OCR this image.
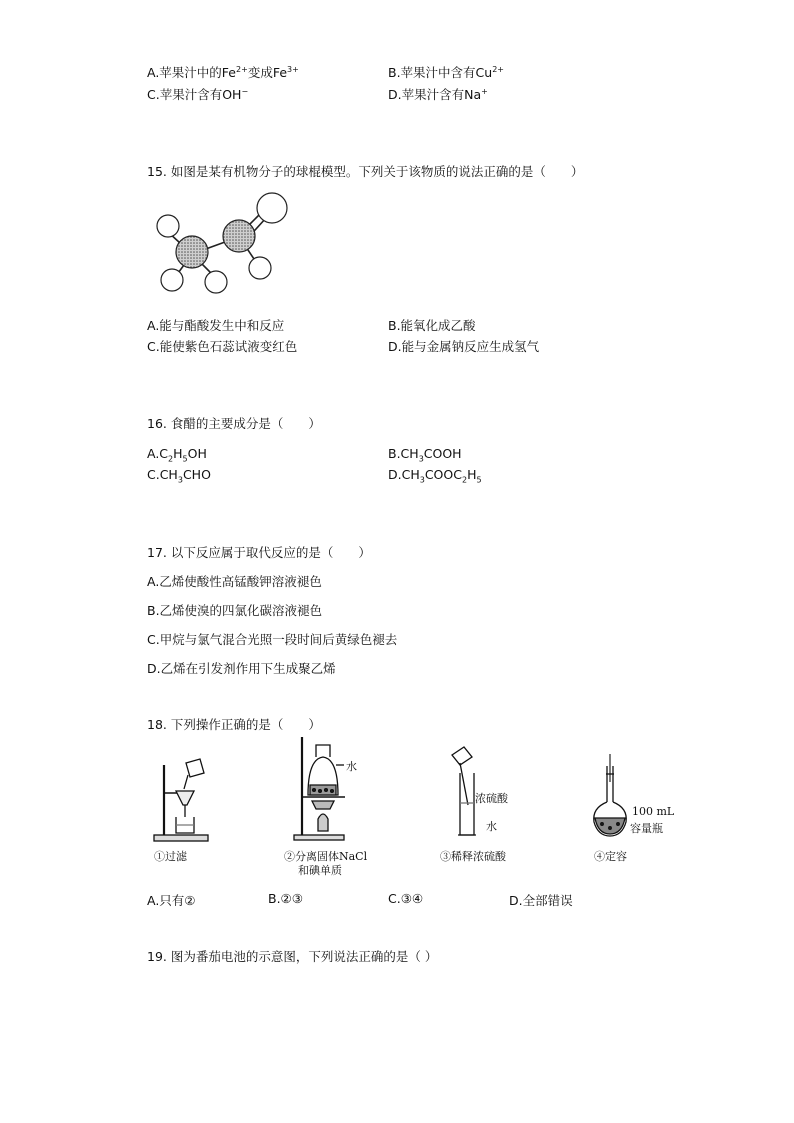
A.苹果汁中的$Fe^{2+}$变成$Fe^{3+}$	B.苹果汁中含有$Cu^{2+}$
C.苹果汁含有OH−	D.苹果汁含有Na+
15. 如图是某有机物分子的球棍模型。下列关于该物质的说法正确的是（　　）
A.能与酯酸发生中和反应	B.能氧化成乙酸
C.能使紫色石蕊试液变红色	D.能与金属钠反应生成氢气
16. 食醋的主要成分是（　　）
$A.C_2H_5OH$	$B.CH_3COOH$
$C.CH_3CHO$	$D.CH_3COOC_2H_5$
17. 以下反应属于取代反应的是（　　）
A.乙烯使酸性高锰酸钾溶液褪色
B.乙烯使溴的四氯化碳溶液褪色
C.甲烷与氯气混合光照一段时间后黄绿色褪去
D.乙烯在引发剂作用下生成聚乙烯
18. 下列操作正确的是（　　）
①过滤
水
②分离固体NaCl
和碘单质
浓硫酸
水
③稀释浓硫酸
100 mL
容量瓶
④定容
A.只有②	B.②③	C.③④	D.全部错误
19. 图为番茄电池的示意图，下列说法正确的是（ ）
